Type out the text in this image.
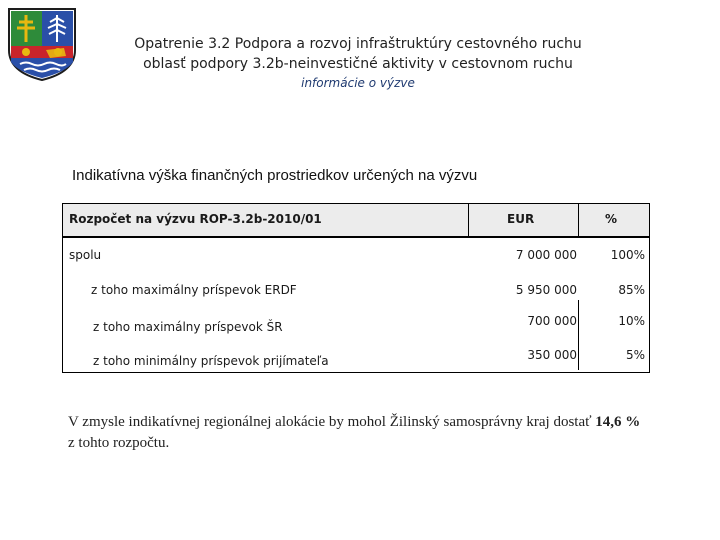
Opatrenie 3.2 Podpora a rozvoj infraštruktúry cestovného ruchu
oblasť podpory 3.2b-neinvestičné aktivity v cestovnom ruchu
informácie o výzve
Indikatívna výška finančných prostriedkov určených na výzvu
Rozpočet na výzvu ROP-3.2b-2010/01	EUR	%
spolu	7 000 000	100%
z toho maximálny príspevok ERDF	5 950 000	85%
z toho maximálny príspevok ŠR	700 000	10%
z toho minimálny príspevok prijímateľa	350 000	5%
V zmysle indikatívnej regionálnej alokácie by mohol Žilinský samosprávny kraj dostať 14,6 % z tohto rozpočtu.
